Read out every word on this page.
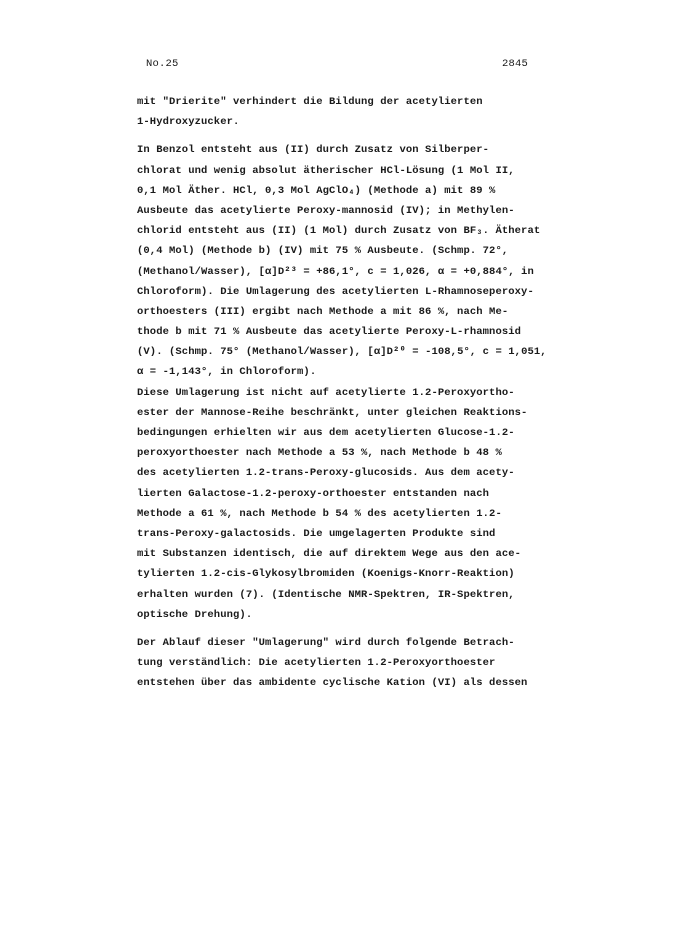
No.25	2845
mit "Drierite" verhindert die Bildung der acetylierten
1-Hydroxyzucker.
In Benzol entsteht aus (II) durch Zusatz von Silberper-
chlorat und wenig absolut ätherischer HCl-Lösung (1 Mol II,
0,1 Mol Äther. HCl, 0,3 Mol AgClO₄) (Methode a) mit 89 %
Ausbeute das acetylierte Peroxy-mannosid (IV); in Methylen-
chlorid entsteht aus (II) (1 Mol) durch Zusatz von BF₃. Ätherat
(0,4 Mol) (Methode b) (IV) mit 75 % Ausbeute. (Schmp. 72°,
(Methanol/Wasser), [α]D²³ = +86,1°, c = 1,026, α = +0,884°, in
Chloroform). Die Umlagerung des acetylierten L-Rhamnoseperoxy-
orthoesters (III) ergibt nach Methode a mit 86 %, nach Me-
thode b mit 71 % Ausbeute das acetylierte Peroxy-L-rhamnosid
(V). (Schmp. 75° (Methanol/Wasser), [α]D²⁰ = -108,5°, c = 1,051,
α = -1,143°, in Chloroform).
Diese Umlagerung ist nicht auf acetylierte 1.2-Peroxyortho-
ester der Mannose-Reihe beschränkt, unter gleichen Reaktions-
bedingungen erhielten wir aus dem acetylierten Glucose-1.2-
peroxyorthoester nach Methode a 53 %, nach Methode b 48 %
des acetylierten 1.2-trans-Peroxy-glucosids. Aus dem acety-
lierten Galactose-1.2-peroxy-orthoester entstanden nach
Methode a 61 %, nach Methode b 54 % des acetylierten 1.2-
trans-Peroxy-galactosids. Die umgelagerten Produkte sind
mit Substanzen identisch, die auf direktem Wege aus den ace-
tylierten 1.2-cis-Glykosylbromiden (Koenigs-Knorr-Reaktion)
erhalten wurden (7). (Identische NMR-Spektren, IR-Spektren,
optische Drehung).
Der Ablauf dieser "Umlagerung" wird durch folgende Betrach-
tung verständlich: Die acetylierten 1.2-Peroxyorthoester
entstehen über das ambidente cyclische Kation (VI) als dessen
